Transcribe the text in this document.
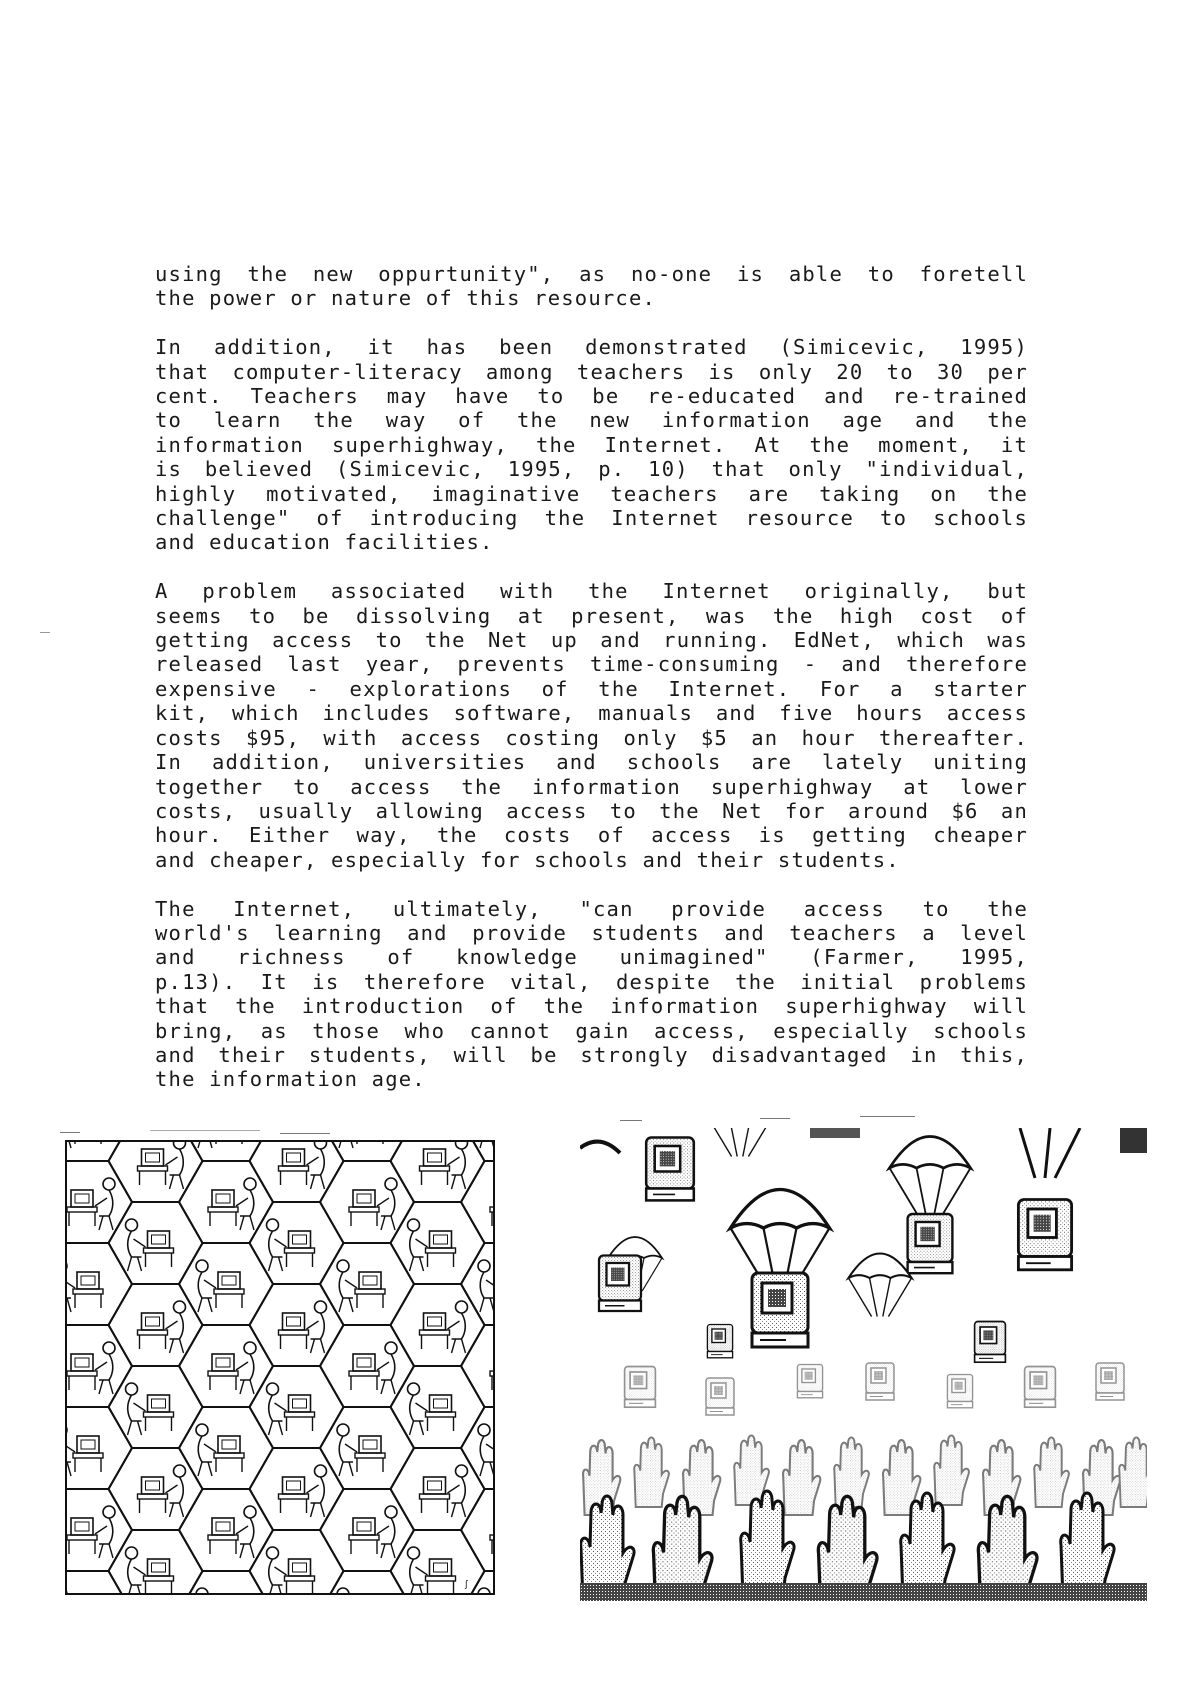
using the new oppurtunity", as no-one is able to foretell
the power or nature of this resource.

In addition, it has been demonstrated (Simicevic, 1995)
that computer-literacy among teachers is only 20 to 30 per
cent. Teachers may have to be re-educated and re-trained
to learn the way of the new information age and the
information superhighway, the Internet. At the moment, it
is believed (Simicevic, 1995, p. 10) that only "individual,
highly motivated, imaginative teachers are taking on the
challenge" of introducing the Internet resource to schools
and education facilities.

A problem associated with the Internet originally, but
seems to be dissolving at present, was the high cost of
getting access to the Net up and running. EdNet, which was
released last year, prevents time-consuming - and therefore
expensive - explorations of the Internet. For a starter
kit, which includes software, manuals and five hours access
costs $95, with access costing only $5 an hour thereafter.
In addition, universities and schools are lately uniting
together to access the information superhighway at lower
costs, usually allowing access to the Net for around $6 an
hour. Either way, the costs of access is getting cheaper
and cheaper, especially for schools and their students.

The Internet, ultimately, "can provide access to the
world's learning and provide students and teachers a level
and richness of knowledge unimagined" (Farmer, 1995,
p.13). It is therefore vital, despite the initial problems
that the introduction of the information superhighway will
bring, as those who cannot gain access, especially schools
and their students, will be strongly disadvantaged in this,
the information age.

ʃ
